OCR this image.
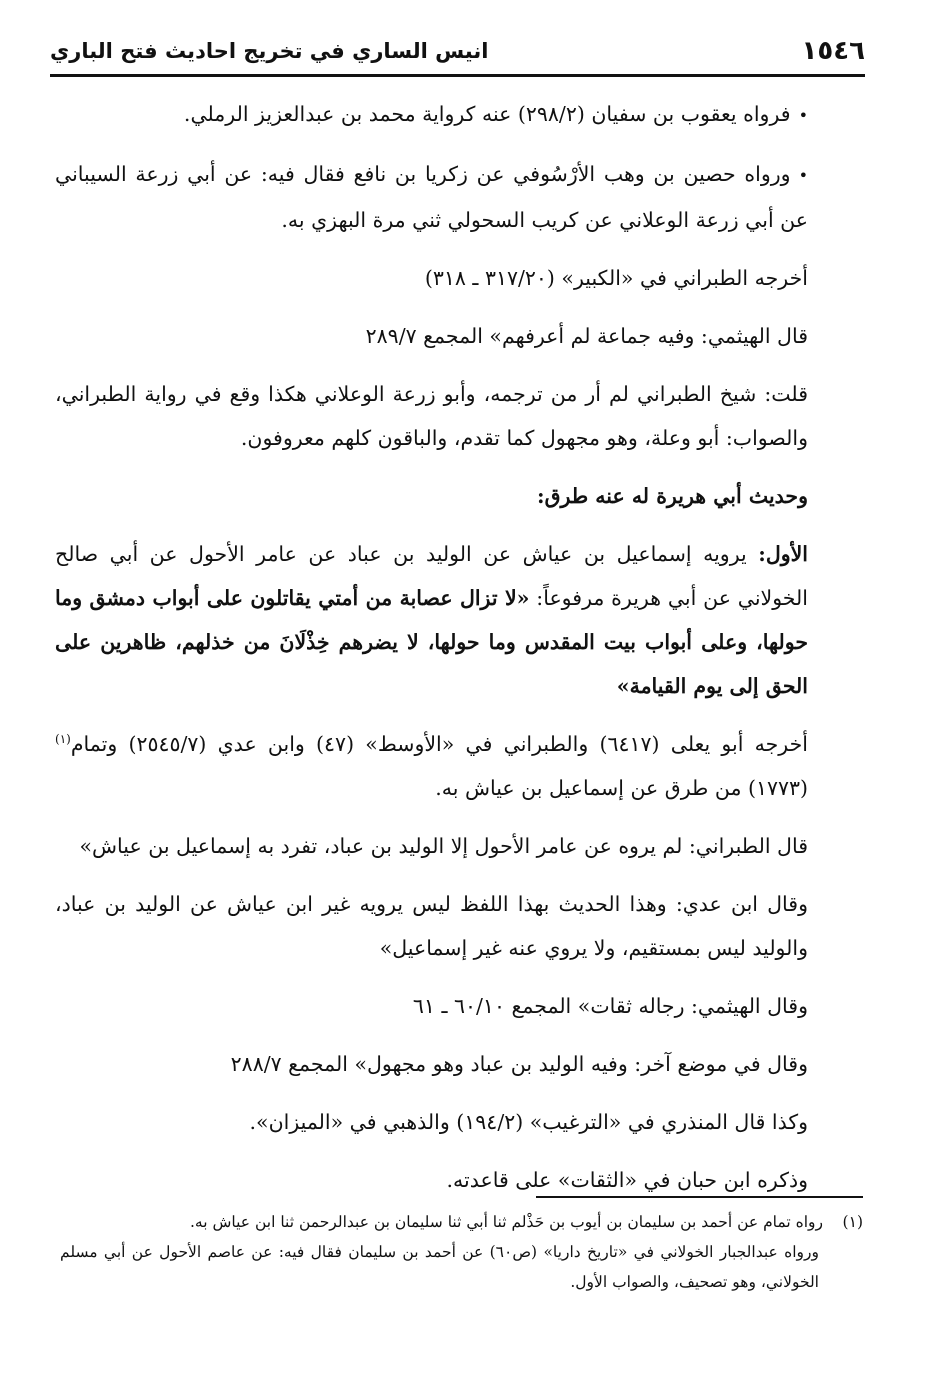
١٥٤٦
انيس الساري في تخريج احاديث فتح الباري

•فرواه يعقوب بن سفيان (٢٩٨/٢) عنه كرواية محمد بن عبدالعزيز الرملي.

•ورواه حصين بن وهب الأرْسُوفي عن زكريا بن نافع فقال فيه: عن أبي زرعة السيباني عن أبي زرعة الوعلاني عن كريب السحولي ثني مرة البهزي به.

أخرجه الطبراني في «الكبير» (٣١٧/٢٠ ـ ٣١٨)

قال الهيثمي: وفيه جماعة لم أعرفهم» المجمع ٢٨٩/٧

قلت: شيخ الطبراني لم أر من ترجمه، وأبو زرعة الوعلاني هكذا وقع في رواية الطبراني، والصواب: أبو وعلة، وهو مجهول كما تقدم، والباقون كلهم معروفون.

وحديث أبي هريرة له عنه طرق:

الأول: يرويه إسماعيل بن عياش عن الوليد بن عباد عن عامر الأحول عن أبي صالح الخولاني عن أبي هريرة مرفوعاً: «لا تزال عصابة من أمتي يقاتلون على أبواب دمشق وما حولها، وعلى أبواب بيت المقدس وما حولها، لا يضرهم خِذْلَانَ من خذلهم، ظاهرين على الحق إلى يوم القيامة»

أخرجه أبو يعلى (٦٤١٧) والطبراني في «الأوسط» (٤٧) وابن عدي (٢٥٤٥/٧) وتمام$^{(١)}$ (١٧٧٣) من طرق عن إسماعيل بن عياش به.

قال الطبراني: لم يروه عن عامر الأحول إلا الوليد بن عباد، تفرد به إسماعيل بن عياش»

وقال ابن عدي: وهذا الحديث بهذا اللفظ ليس يرويه غير ابن عياش عن الوليد بن عباد، والوليد ليس بمستقيم، ولا يروي عنه غير إسماعيل»

وقال الهيثمي: رجاله ثقات» المجمع ٦٠/١٠ ـ ٦١

وقال في موضع آخر: وفيه الوليد بن عباد وهو مجهول» المجمع ٢٨٨/٧

وكذا قال المنذري في «الترغيب» (١٩٤/٢) والذهبي في «الميزان».

وذكره ابن حبان في «الثقات» على قاعدته.

(١)رواه تمام عن أحمد بن سليمان بن أيوب بن حَذْلم ثنا أبي ثنا سليمان بن عبدالرحمن ثنا ابن عياش به.
ورواه عبدالجبار الخولاني في «تاريخ داريا» (ص٦٠) عن أحمد بن سليمان فقال فيه: عن عاصم الأحول عن أبي مسلم الخولاني، وهو تصحيف، والصواب الأول.
